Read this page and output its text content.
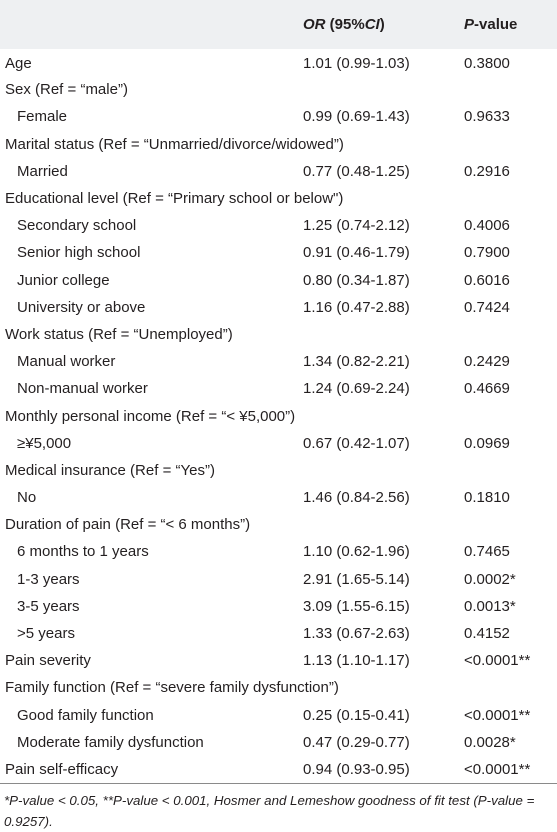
	OR (95%CI)	P-value
Age	1.01 (0.99-1.03)	0.3800
Sex (Ref = “male”)		
Female	0.99 (0.69-1.43)	0.9633
Marital status (Ref = “Unmarried/divorce/widowed”)		
Married	0.77 (0.48-1.25)	0.2916
Educational level (Ref = “Primary school or below")		
Secondary school	1.25 (0.74-2.12)	0.4006
Senior high school	0.91 (0.46-1.79)	0.7900
Junior college	0.80 (0.34-1.87)	0.6016
University or above	1.16 (0.47-2.88)	0.7424
Work status (Ref = “Unemployed”)		
Manual worker	1.34 (0.82-2.21)	0.2429
Non-manual worker	1.24 (0.69-2.24)	0.4669
Monthly personal income (Ref = “< ¥5,000”)		
≥¥5,000	0.67 (0.42-1.07)	0.0969
Medical insurance (Ref = “Yes”)		
No	1.46 (0.84-2.56)	0.1810
Duration of pain (Ref = “< 6 months”)		
6 months to 1 years	1.10 (0.62-1.96)	0.7465
1-3 years	2.91 (1.65-5.14)	0.0002*
3-5 years	3.09 (1.55-6.15)	0.0013*
>5 years	1.33 (0.67-2.63)	0.4152
Pain severity	1.13 (1.10-1.17)	<0.0001**
Family function (Ref = “severe family dysfunction”)		
Good family function	0.25 (0.15-0.41)	<0.0001**
Moderate family dysfunction	0.47 (0.29-0.77)	0.0028*
Pain self-efficacy	0.94 (0.93-0.95)	<0.0001**
*P-value < 0.05, **P-value < 0.001, Hosmer and Lemeshow goodness of fit test (P-value = 0.9257).
